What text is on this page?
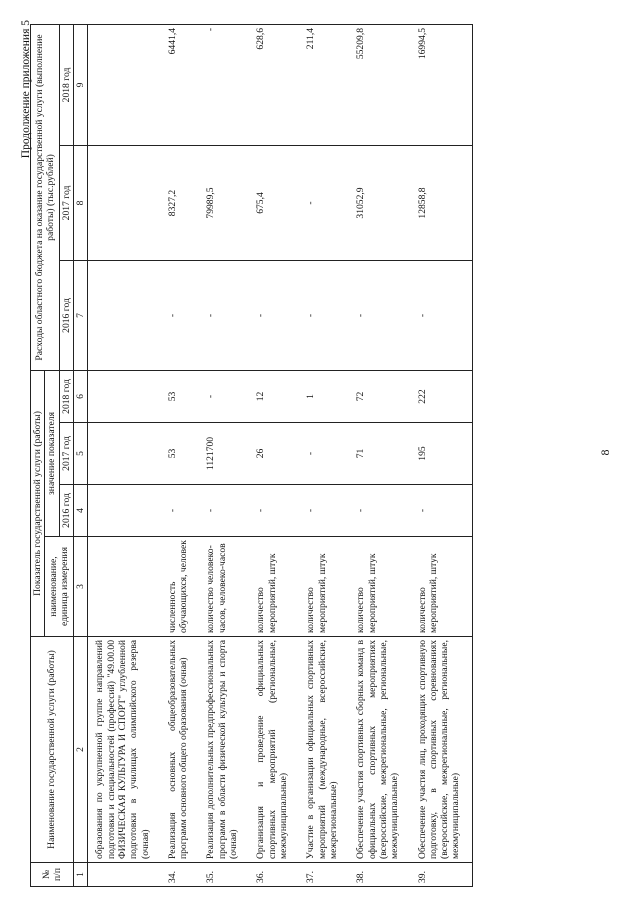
Продолжение приложения 5
№ п/п	Наименование государственной услуги (работы)	Показатель государственной услуги (работы)				Расходы областного бюджета на оказание государственной услуги (выполнение работы) (тыс.рублей)		
		наименование, единица измерения	значение показателя					
			2016 год	2017 год	2018 год	2016 год	2017 год	2018 год
1	2	3	4	5	6	7	8	9
	образования по укрупненной группе направлений подготовки и специальностей (профессий) "49.00.00 ФИЗИЧЕСКАЯ КУЛЬТУРА И СПОРТ" углубленной подготовки в училищах олимпийского резерва (очная)							
34.	Реализация основных общеобразовательных программ основного общего образования (очная)	численность обучающихся, человек	-	53	53	-	8327,2	6441,4
35.	Реализация дополнительных предпрофессиональных программ в области физической культуры и спорта (очная)	количество человеко-часов, человеко-часов	-	1121700	-	-	79989,5	-
36.	Организация и проведение официальных спортивных мероприятий (региональные, межмуниципальные)	количество мероприятий, штук	-	26	12	-	675,4	628,6
37.	Участие в организации официальных спортивных мероприятий (международные, всероссийские, межрегиональные)	количество мероприятий, штук	-	-	1	-	-	211,4
38.	Обеспечение участия спортивных сборных команд в официальных спортивных мероприятиях (всероссийские, межрегиональные, региональные, межмуниципальные)	количество мероприятий, штук	-	71	72	-	31052,9	55209,8
39.	Обеспечение участия лиц, проходящих спортивную подготовку, в спортивных соревнованиях (всероссийские, межрегиональные, региональные, межмуниципальные)	количество мероприятий, штук	-	195	222	-	12858,8	16994,5
8
